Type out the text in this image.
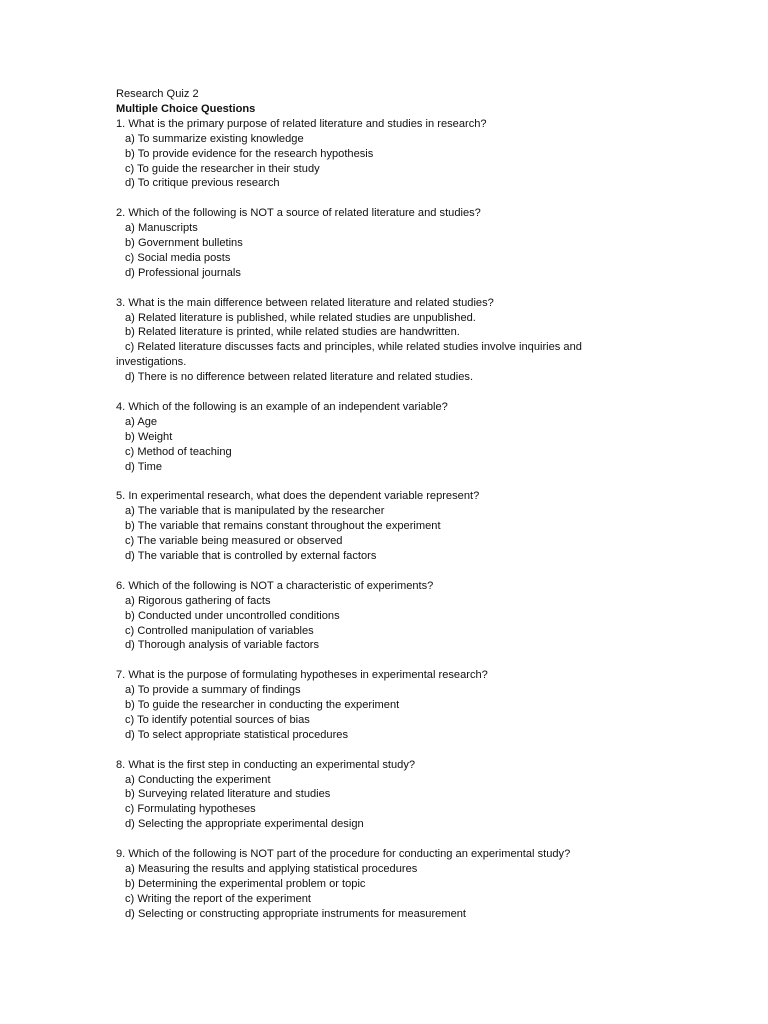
Research Quiz 2
Multiple Choice Questions
1. What is the primary purpose of related literature and studies in research?
a) To summarize existing knowledge
b) To provide evidence for the research hypothesis
c) To guide the researcher in their study
d) To critique previous research
2. Which of the following is NOT a source of related literature and studies?
a) Manuscripts
b) Government bulletins
c) Social media posts
d) Professional journals
3. What is the main difference between related literature and related studies?
a) Related literature is published, while related studies are unpublished.
b) Related literature is printed, while related studies are handwritten.
c) Related literature discusses facts and principles, while related studies involve inquiries and
investigations.
d) There is no difference between related literature and related studies.
4. Which of the following is an example of an independent variable?
a) Age
b) Weight
c) Method of teaching
d) Time
5. In experimental research, what does the dependent variable represent?
a) The variable that is manipulated by the researcher
b) The variable that remains constant throughout the experiment
c) The variable being measured or observed
d) The variable that is controlled by external factors
6. Which of the following is NOT a characteristic of experiments?
a) Rigorous gathering of facts
b) Conducted under uncontrolled conditions
c) Controlled manipulation of variables
d) Thorough analysis of variable factors
7. What is the purpose of formulating hypotheses in experimental research?
a) To provide a summary of findings
b) To guide the researcher in conducting the experiment
c) To identify potential sources of bias
d) To select appropriate statistical procedures
8. What is the first step in conducting an experimental study?
a) Conducting the experiment
b) Surveying related literature and studies
c) Formulating hypotheses
d) Selecting the appropriate experimental design
9. Which of the following is NOT part of the procedure for conducting an experimental study?
a) Measuring the results and applying statistical procedures
b) Determining the experimental problem or topic
c) Writing the report of the experiment
d) Selecting or constructing appropriate instruments for measurement
